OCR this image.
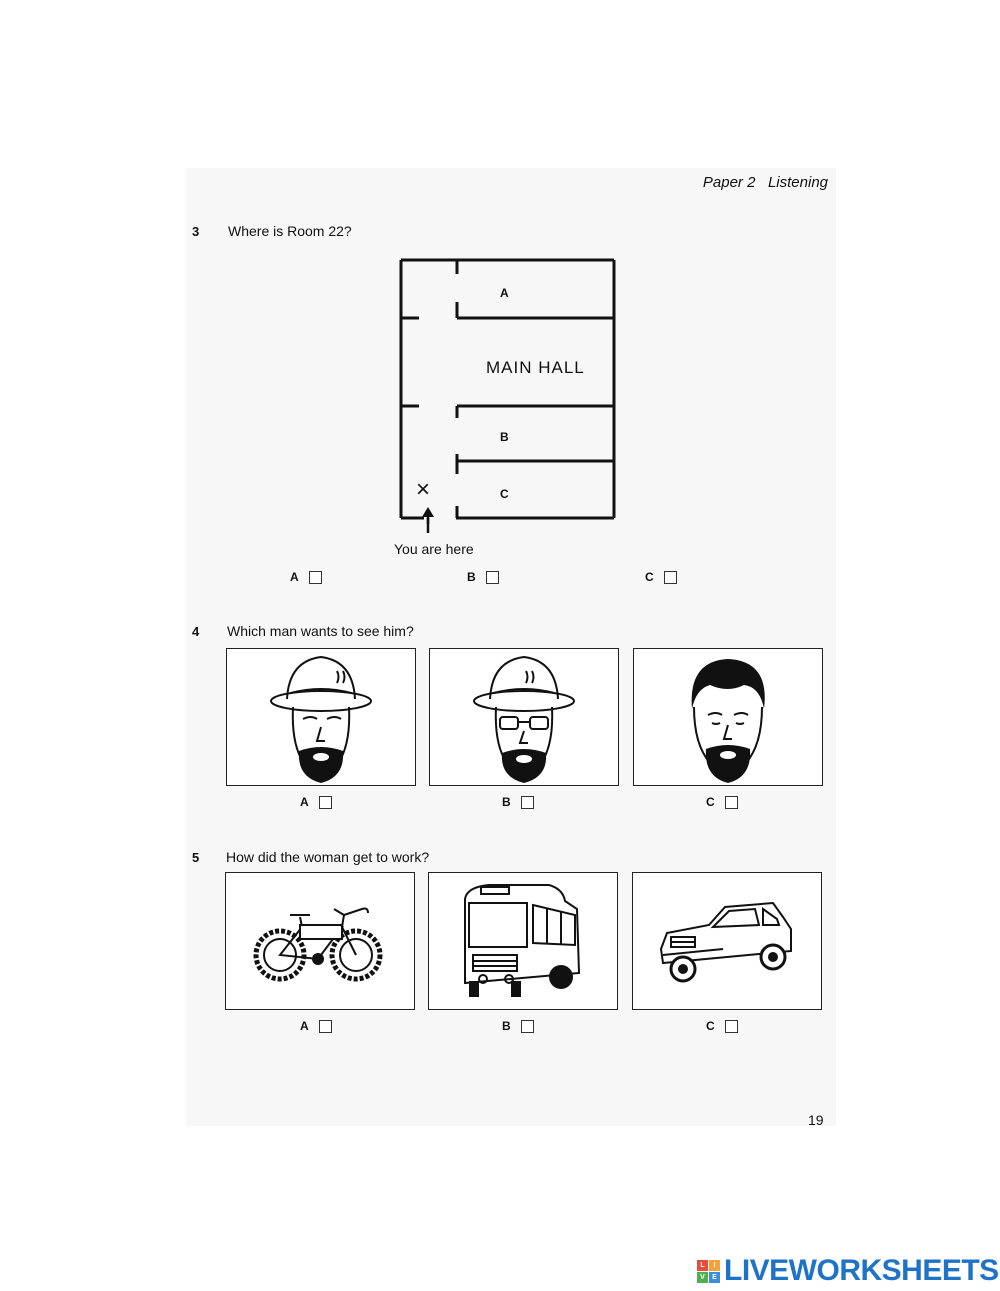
Paper 2 Listening
3 Where is Room 22?
A
MAIN HALL
B
C
×
You are here
A	B	C
4 Which man wants to see him?
A	B	C
5 How did the woman get to work?
A	B	C
19
L	I
V	E LIVEWORKSHEETS
